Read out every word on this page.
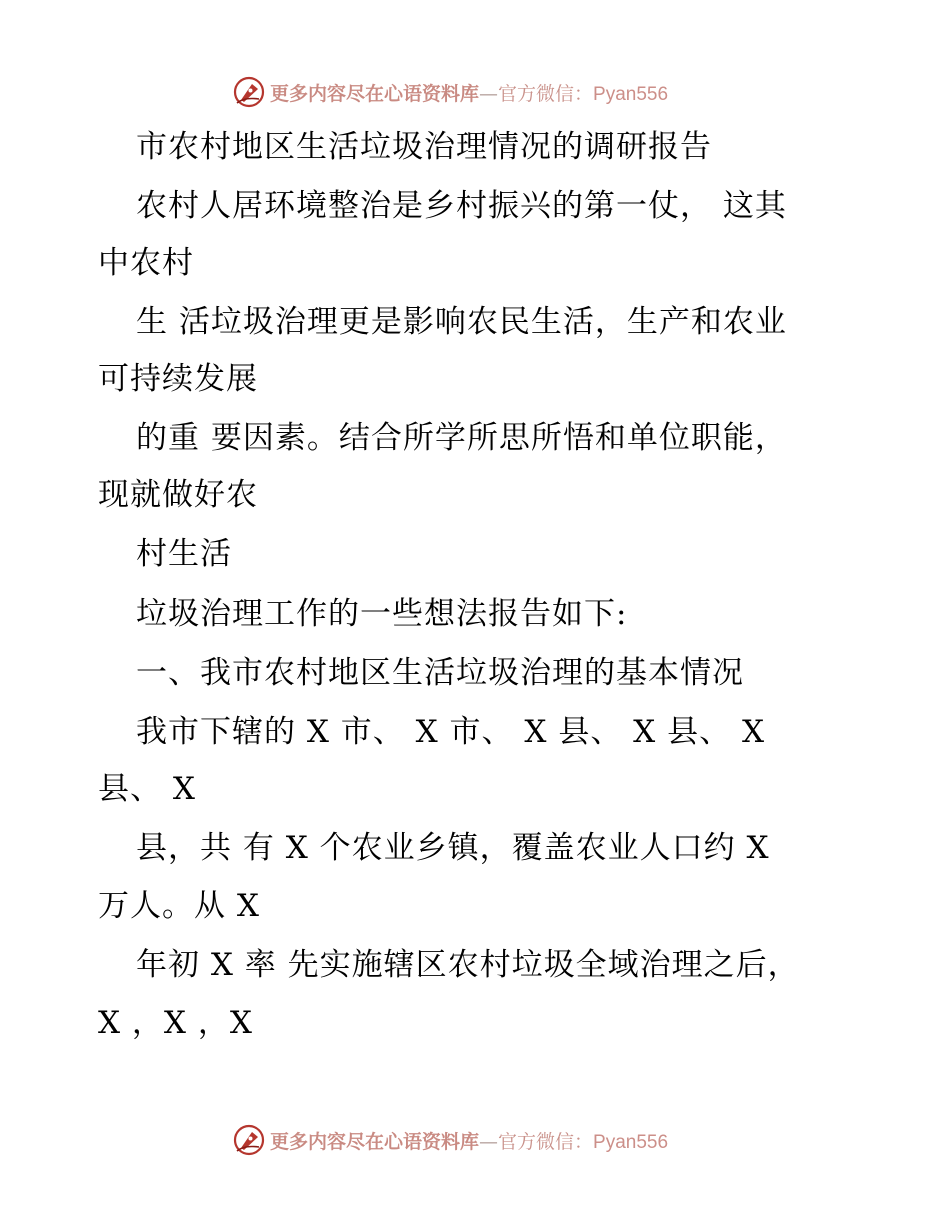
更多内容尽在心语资料库—官方微信：Pyan556
市农村地区生活垃圾治理情况的调研报告
农村人居环境整治是乡村振兴的第一仗， 这其
中农村
生 活垃圾治理更是影响农民生活，生产和农业
可持续发展
的重 要因素。结合所学所思所悟和单位职能，
现就做好农
村生活
垃圾治理工作的一些想法报告如下:
一、我市农村地区生活垃圾治理的基本情况
我市下辖的 X 市、 X 市、 X 县、 X 县、 X
县、 X
县，共 有 X 个农业乡镇，覆盖农业人口约 X
万人。从 X
年初 X 率 先实施辖区农村垃圾全域治理之后，
X ，X ，X
更多内容尽在心语资料库—官方微信：Pyan556
